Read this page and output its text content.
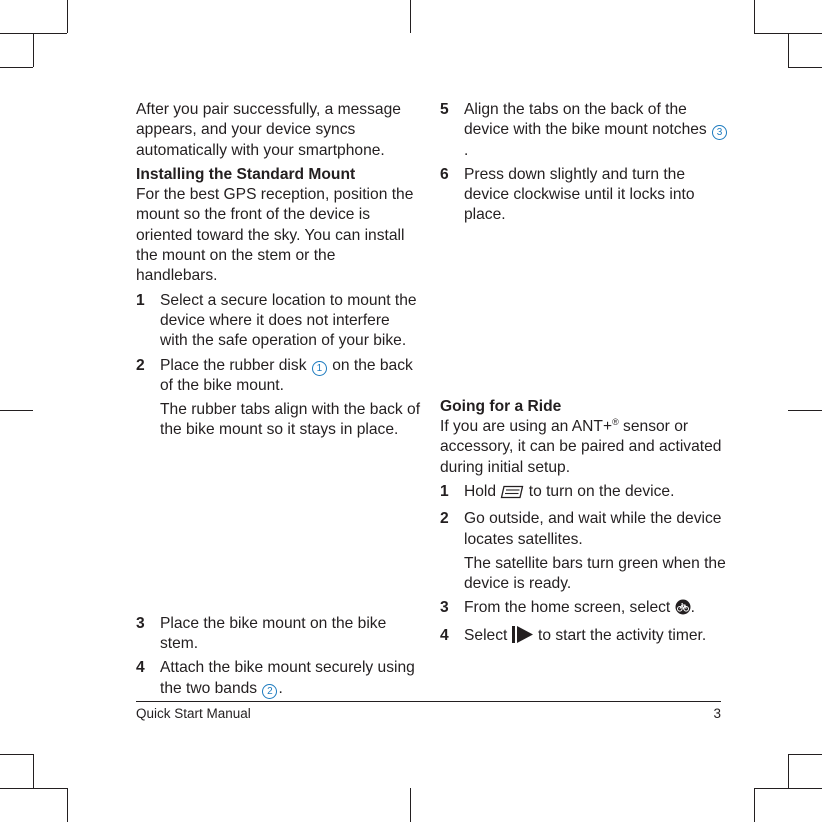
After you pair successfully, a message appears, and your device syncs automatically with your smartphone.

Installing the Standard Mount

For the best GPS reception, position the mount so the front of the device is oriented toward the sky. You can install the mount on the stem or the handlebars.

1 Select a secure location to mount the device where it does not interfere with the safe operation of your bike.
2 Place the rubber disk 1 on the back of the bike mount.

The rubber tabs align with the back of the bike mount so it stays in place.

3 Place the bike mount on the bike stem.
4 Attach the bike mount securely using the two bands 2 .
5 Align the tabs on the back of the device with the bike mount notches 3.
6 Press down slightly and turn the device clockwise until it locks into place.
Going for a Ride

If you are using an ANT+® sensor or accessory, it can be paired and activated during initial setup.

1 Hold to turn on the device.
2 Go outside, and wait while the device locates satellites.

The satellite bars turn green when the device is ready.

3 From the home screen, select .
4 Select to start the activity timer.
Quick Start Manual	3
